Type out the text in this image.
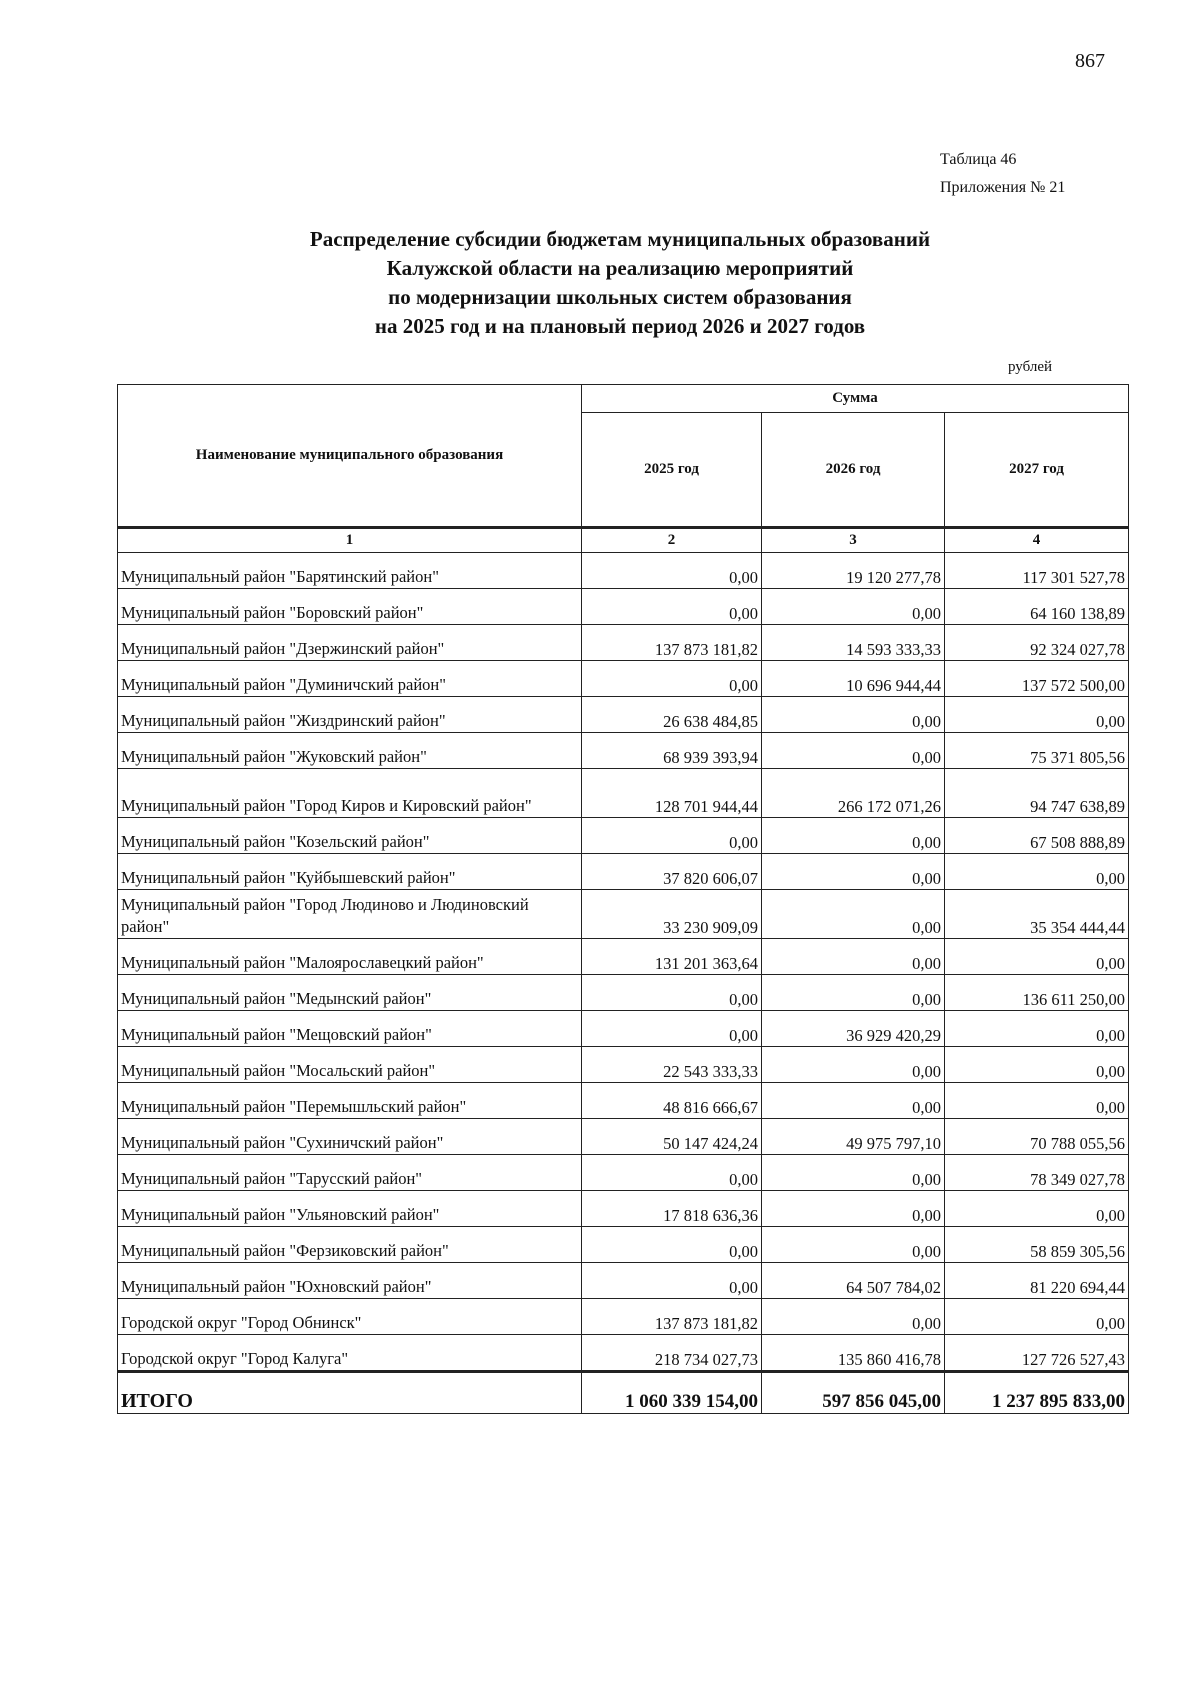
867
Таблица 46
Приложения № 21
Распределение субсидии бюджетам муниципальных образований
Калужской области на реализацию мероприятий
по модернизации школьных систем образования
на 2025 год и на плановый период 2026 и 2027 годов
рублей
Наименование муниципального образования	Сумма		
	2025 год	2026 год	2027 год
1	2	3	4
Муниципальный район "Барятинский район"	0,00	19 120 277,78	117 301 527,78
Муниципальный район "Боровский район"	0,00	0,00	64 160 138,89
Муниципальный район "Дзержинский район"	137 873 181,82	14 593 333,33	92 324 027,78
Муниципальный район "Думиничский район"	0,00	10 696 944,44	137 572 500,00
Муниципальный район "Жиздринский район"	26 638 484,85	0,00	0,00
Муниципальный район "Жуковский район"	68 939 393,94	0,00	75 371 805,56
Муниципальный район "Город Киров и Кировский район"	128 701 944,44	266 172 071,26	94 747 638,89
Муниципальный район "Козельский район"	0,00	0,00	67 508 888,89
Муниципальный район "Куйбышевский район"	37 820 606,07	0,00	0,00
Муниципальный район "Город Людиново и Людиновский район"	33 230 909,09	0,00	35 354 444,44
Муниципальный район "Малоярославецкий район"	131 201 363,64	0,00	0,00
Муниципальный район "Медынский район"	0,00	0,00	136 611 250,00
Муниципальный район "Мещовский район"	0,00	36 929 420,29	0,00
Муниципальный район "Мосальский район"	22 543 333,33	0,00	0,00
Муниципальный район "Перемышльский район"	48 816 666,67	0,00	0,00
Муниципальный район "Сухиничский район"	50 147 424,24	49 975 797,10	70 788 055,56
Муниципальный район "Тарусский район"	0,00	0,00	78 349 027,78
Муниципальный район "Ульяновский район"	17 818 636,36	0,00	0,00
Муниципальный район "Ферзиковский район"	0,00	0,00	58 859 305,56
Муниципальный район "Юхновский район"	0,00	64 507 784,02	81 220 694,44
Городской округ "Город Обнинск"	137 873 181,82	0,00	0,00
Городской округ "Город Калуга"	218 734 027,73	135 860 416,78	127 726 527,43
ИТОГО	1 060 339 154,00	597 856 045,00	1 237 895 833,00
